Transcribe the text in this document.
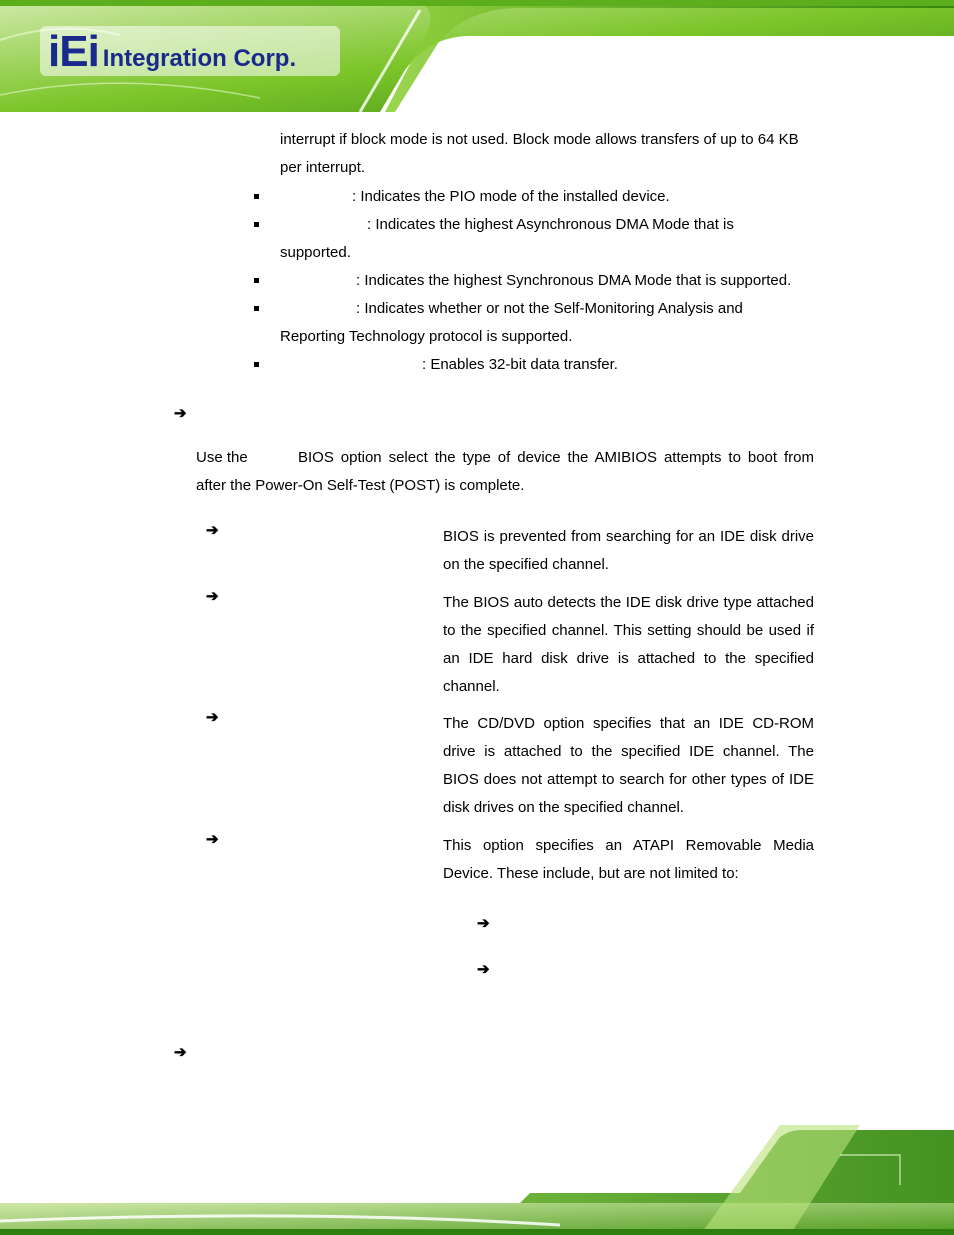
iEi Integration Corp.
interrupt if block mode is not used. Block mode allows transfers of up to 64 KB
per interrupt.
: Indicates the PIO mode of the installed device.
: Indicates the highest Asynchronous DMA Mode that is
supported.
: Indicates the highest Synchronous DMA Mode that is supported.
: Indicates whether or not the Self-Monitoring Analysis and
Reporting Technology protocol is supported.
: Enables 32-bit data transfer.
➔
Use the	BIOS option select the type of device the AMIBIOS attempts to boot from
after the Power-On Self-Test (POST) is complete.
➔	BIOS is prevented from searching for an IDE disk drive on the specified channel.
➔	The BIOS auto detects the IDE disk drive type attached to the specified channel. This setting should be used if an IDE hard disk drive is attached to the specified channel.
➔	The CD/DVD option specifies that an IDE CD-ROM drive is attached to the specified IDE channel. The BIOS does not attempt to search for other types of IDE disk drives on the specified channel.
➔	This option specifies an ATAPI Removable Media Device. These include, but are not limited to:
➔
➔
➔
